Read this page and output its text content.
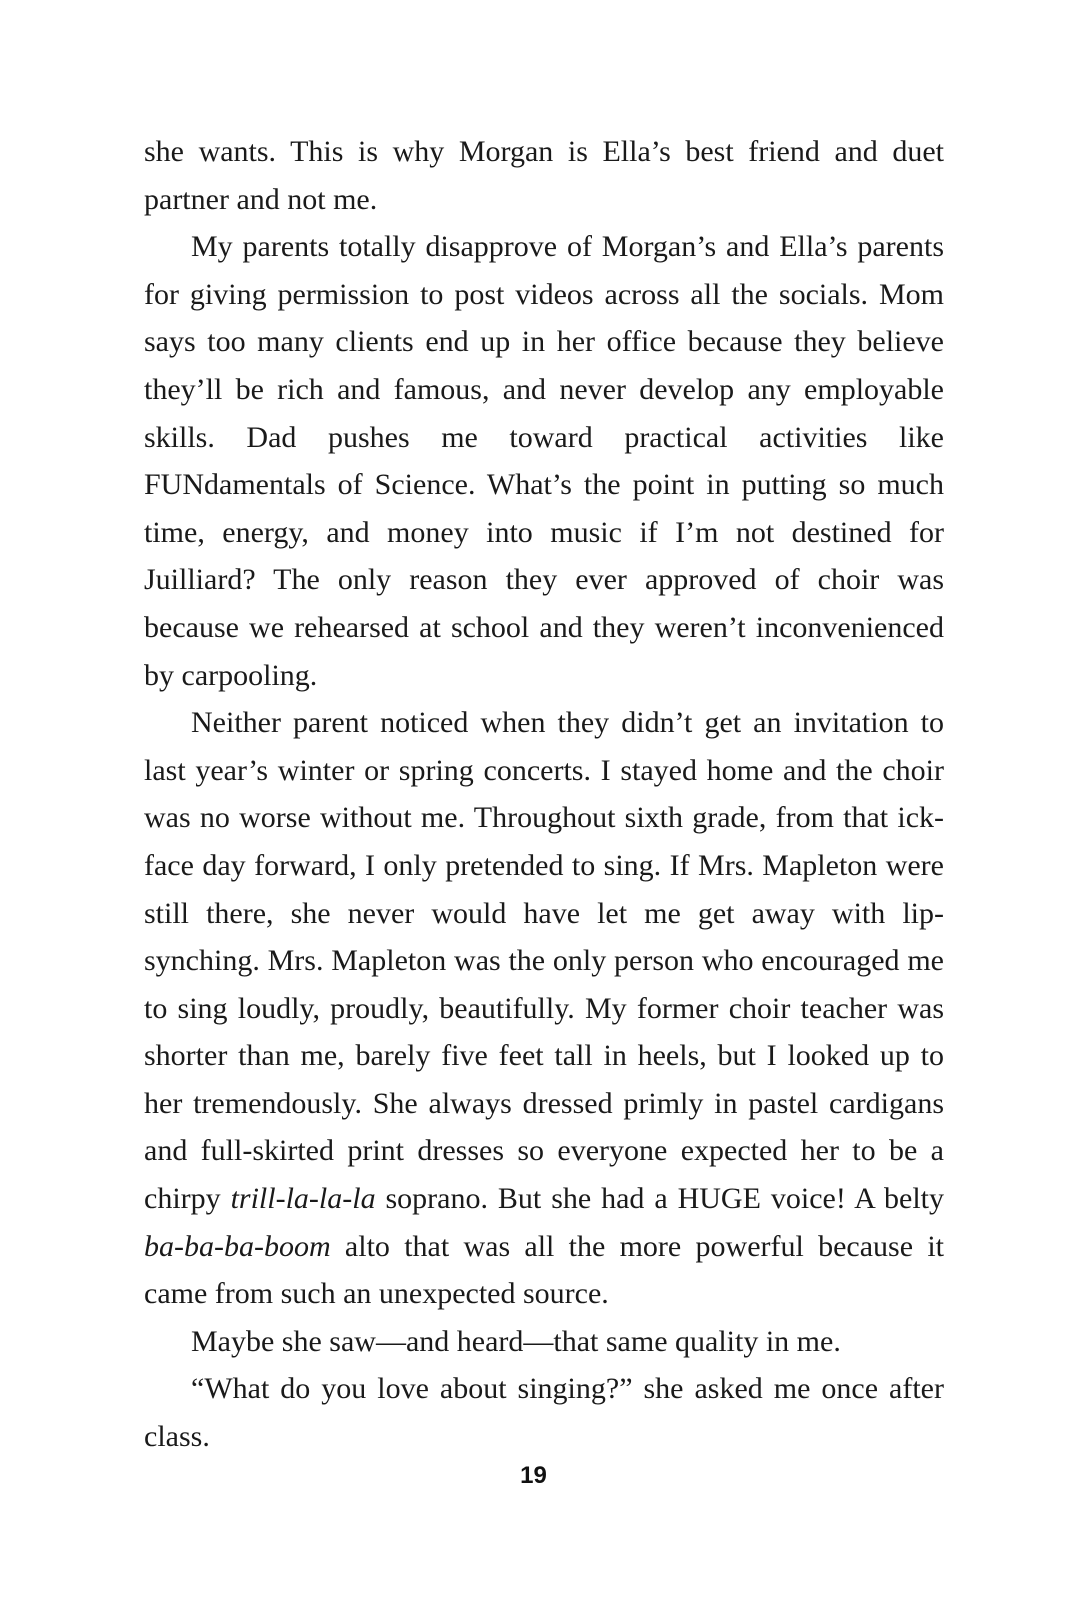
she wants. This is why Morgan is Ella’s best friend and duet partner and not me.

My parents totally disapprove of Morgan’s and Ella’s parents for giving permission to post videos across all the socials. Mom says too many clients end up in her office because they believe they’ll be rich and famous, and never develop any employable skills. Dad pushes me toward practical activities like FUNdamentals of Science. What’s the point in putting so much time, energy, and money into music if I’m not destined for Juilliard? The only reason they ever approved of choir was because we rehearsed at school and they weren’t inconvenienced by carpooling.

Neither parent noticed when they didn’t get an invitation to last year’s winter or spring concerts. I stayed home and the choir was no worse without me. Throughout sixth grade, from that ick-face day forward, I only pretended to sing. If Mrs. Mapleton were still there, she never would have let me get away with lip-synching. Mrs. Mapleton was the only person who encouraged me to sing loudly, proudly, beautifully. My former choir teacher was shorter than me, barely five feet tall in heels, but I looked up to her tremendously. She always dressed primly in pastel cardigans and full-skirted print dresses so everyone expected her to be a chirpy trill-la-la-la soprano. But she had a HUGE voice! A belty ba-ba-ba-boom alto that was all the more powerful because it came from such an unexpected source.

Maybe she saw—and heard—that same quality in me.

“What do you love about singing?” she asked me once after class.

19
